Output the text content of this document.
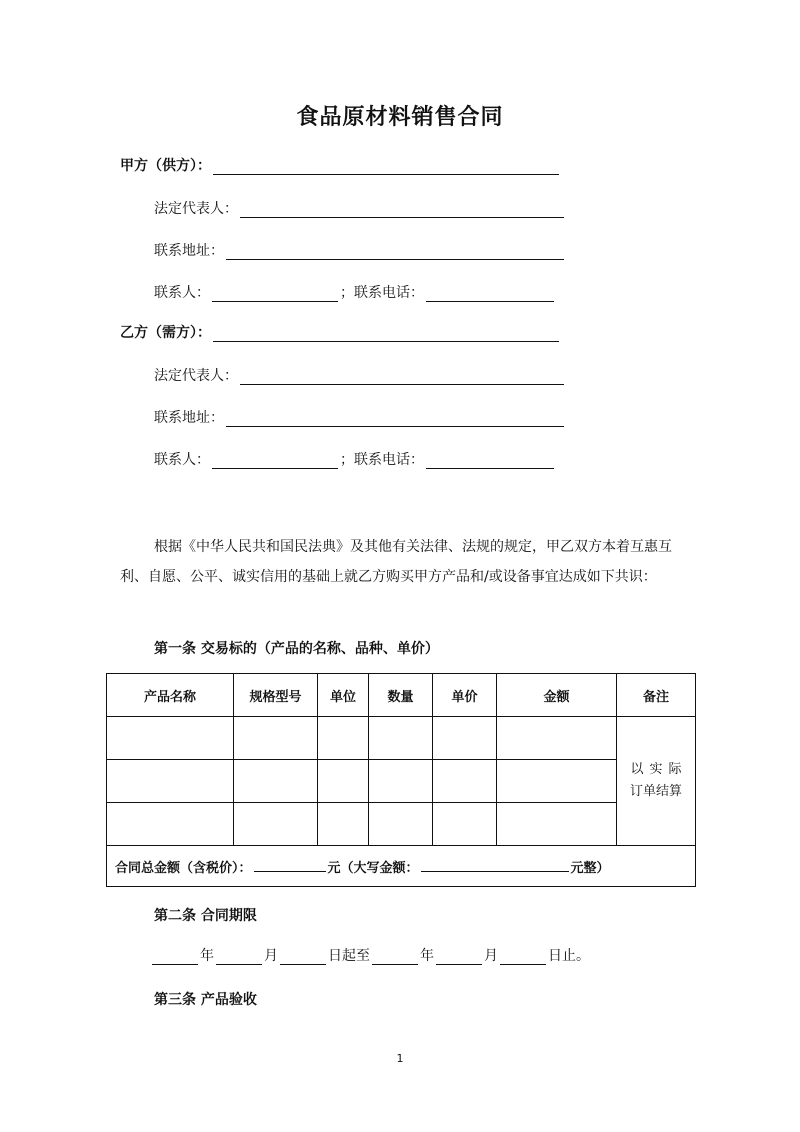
食品原材料销售合同
甲方（供方）：
法定代表人：
联系地址：
联系人：	；联系电话：
乙方（需方）：
法定代表人：
联系地址：
联系人：	；联系电话：
根据《中华人民共和国民法典》及其他有关法律、法规的规定，甲乙双方本着互惠互利、自愿、公平、诚实信用的基础上就乙方购买甲方产品和/或设备事宜达成如下共识：
第一条 交易标的（产品的名称、品种、单价）
产品名称	规格型号	单位	数量	单价	金额	备注

						以实际
订单结算

合同总金额（含税价）： 元（大写金额： 元整）						
第二条 合同期限
年	月	日起至	年	月	日止。
第三条 产品验收
1
